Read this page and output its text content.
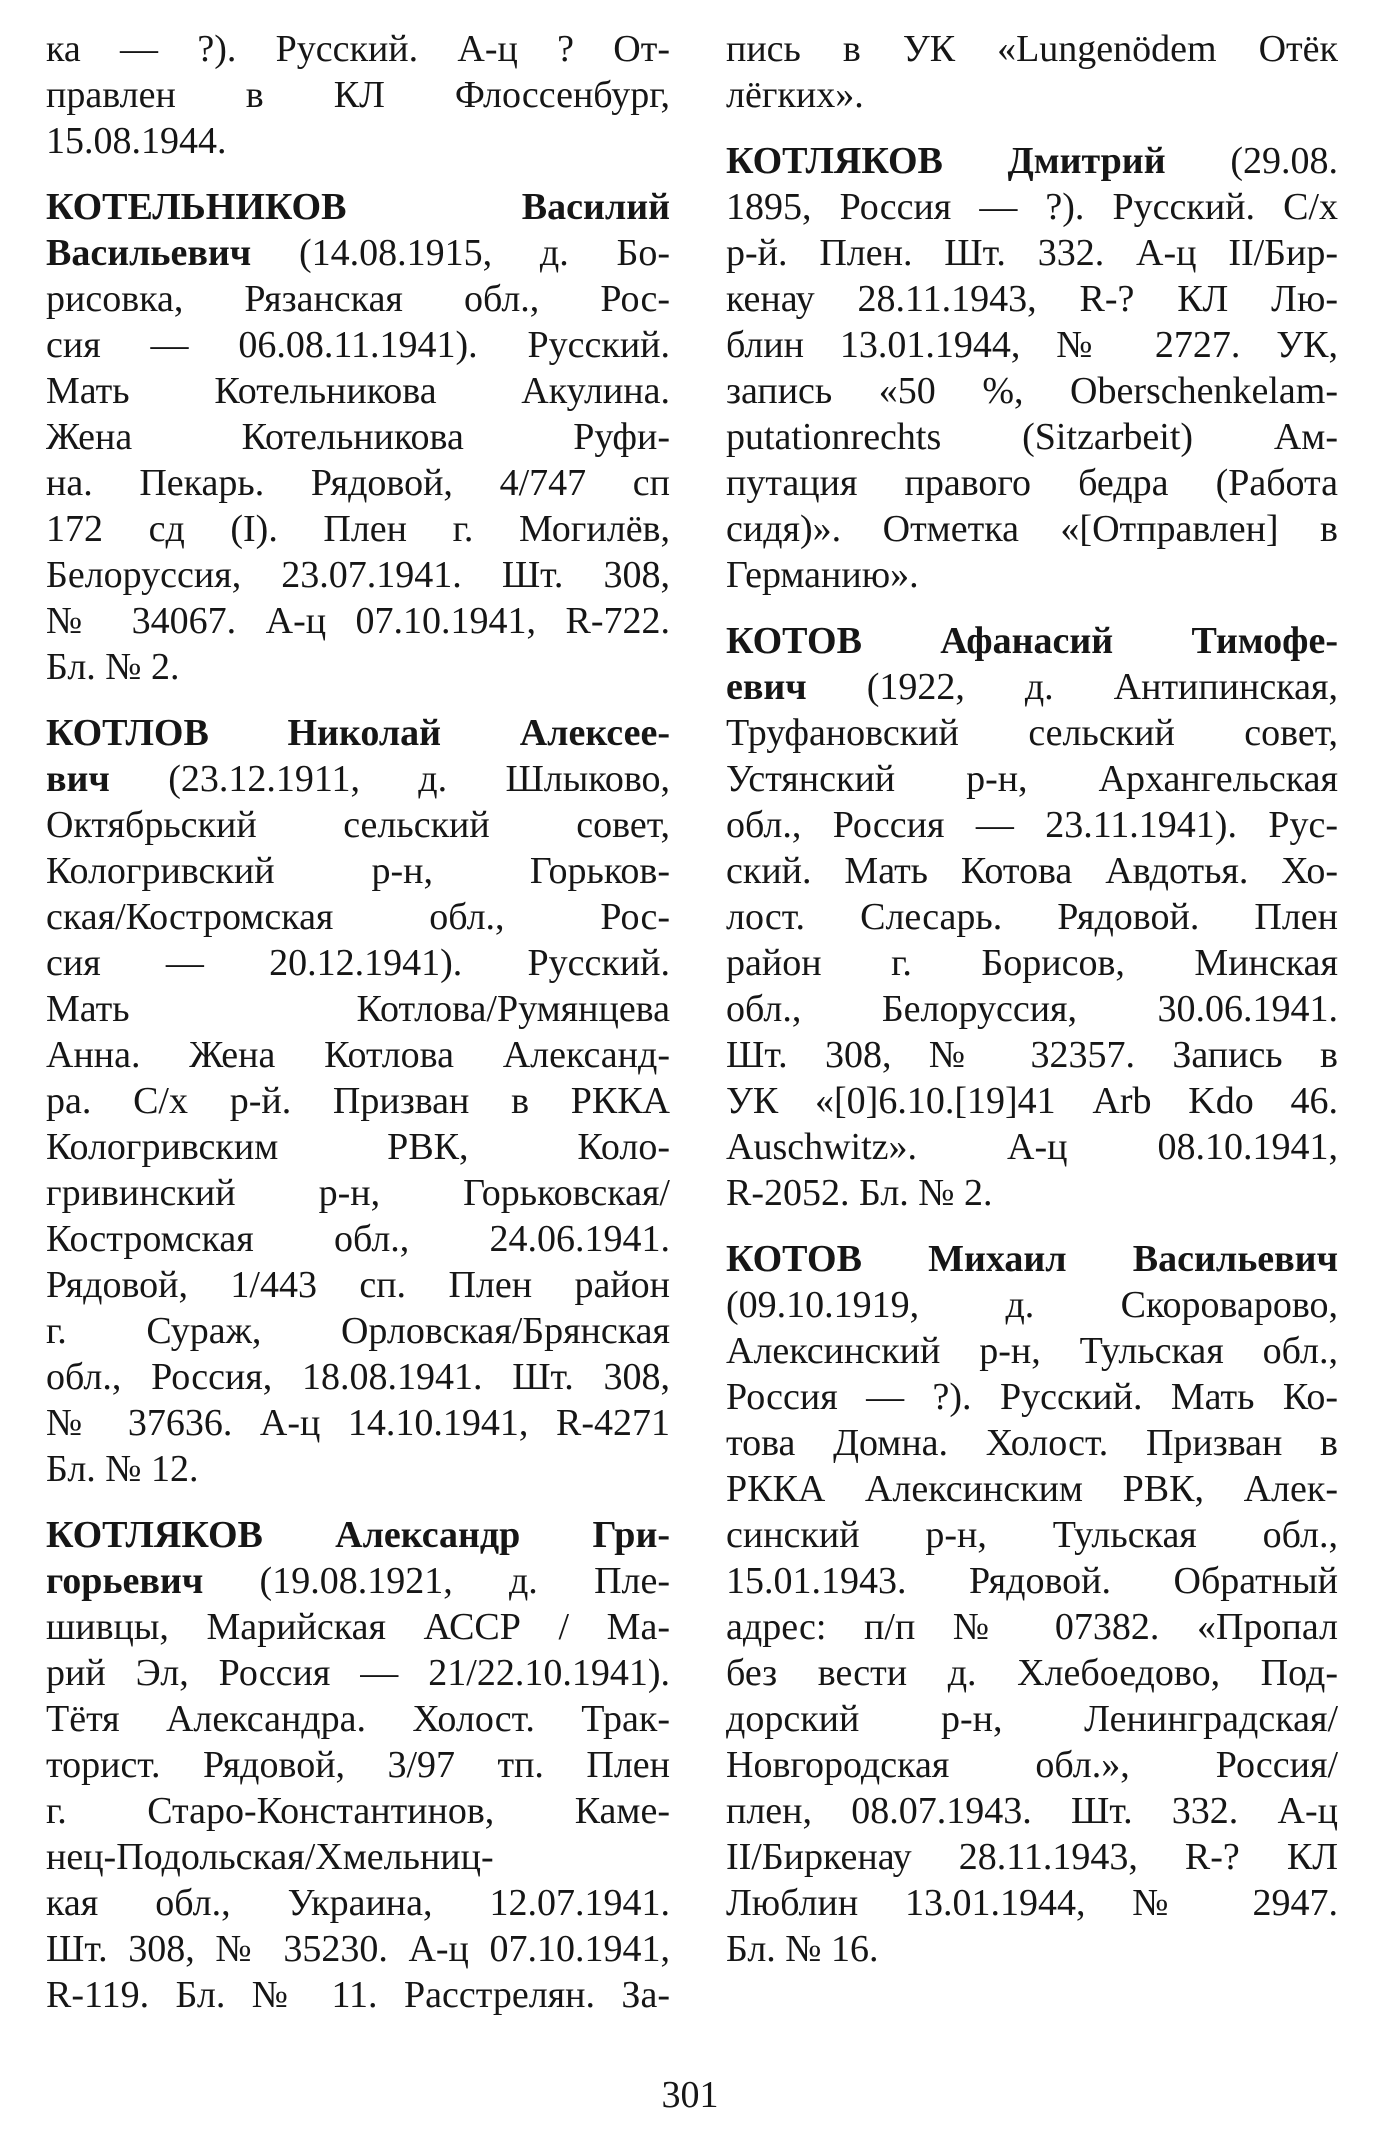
ка — ?). Русский. А-ц ? От-
правлен в КЛ Флоссенбург,
15.08.1944.
КОТЕЛЬНИКОВ Василий
Васильевич (14.08.1915, д. Бо-
рисовка, Рязанская обл., Рос-
сия — 06.08.11.1941). Русский.
Мать Котельникова Акулина.
Жена Котельникова Руфи-
на. Пекарь. Рядовой, 4/747 сп
172 сд (I). Плен г. Могилёв,
Белоруссия, 23.07.1941. Шт. 308,
№ 34067. А-ц 07.10.1941, R-722.
Бл. № 2.
КОТЛОВ Николай Алексее-
вич (23.12.1911, д. Шлыково,
Октябрьский сельский совет,
Кологривский р-н, Горьков-
ская/Костромская обл., Рос-
сия — 20.12.1941). Русский.
Мать Котлова/Румянцева
Анна. Жена Котлова Александ-
ра. С/х р-й. Призван в РККА
Кологривским РВК, Коло-
гривинский р-н, Горьковская/
Костромская обл., 24.06.1941.
Рядовой, 1/443 сп. Плен район
г. Сураж, Орловская/Брянская
обл., Россия, 18.08.1941. Шт. 308,
№ 37636. А-ц 14.10.1941, R-4271
Бл. № 12.
КОТЛЯКОВ Александр Гри-
горьевич (19.08.1921, д. Пле-
шивцы, Марийская АССР / Ма-
рий Эл, Россия — 21/22.10.1941).
Тётя Александра. Холост. Трак-
торист. Рядовой, 3/97 тп. Плен
г. Старо-Константинов, Каме-
нец-Подольская/Хмельниц-
кая обл., Украина, 12.07.1941.
Шт. 308, № 35230. А-ц 07.10.1941,
R-119. Бл. № 11. Расстрелян. За-
пись в УК «Lungenödem Отёк
лёгких».
КОТЛЯКОВ Дмитрий (29.08.
1895, Россия — ?). Русский. С/х
р-й. Плен. Шт. 332. А-ц II/Бир-
кенау 28.11.1943, R-? КЛ Лю-
блин 13.01.1944, № 2727. УК,
запись «50 %, Oberschenkelam-
putationrechts (Sitzarbeit) Ам-
путация правого бедра (Работа
сидя)». Отметка «[Отправлен] в
Германию».
КОТОВ Афанасий Тимофе-
евич (1922, д. Антипинская,
Труфановский сельский совет,
Устянский р-н, Архангельская
обл., Россия — 23.11.1941). Рус-
ский. Мать Котова Авдотья. Хо-
лост. Слесарь. Рядовой. Плен
район г. Борисов, Минская
обл., Белоруссия, 30.06.1941.
Шт. 308, № 32357. Запись в
УК «[0]6.10.[19]41 Arb Kdo 46.
Auschwitz». А-ц 08.10.1941,
R-2052. Бл. № 2.
КОТОВ Михаил Васильевич
(09.10.1919, д. Скороварово,
Алексинский р-н, Тульская обл.,
Россия — ?). Русский. Мать Ко-
това Домна. Холост. Призван в
РККА Алексинским РВК, Алек-
синский р-н, Тульская обл.,
15.01.1943. Рядовой. Обратный
адрес: п/п № 07382. «Пропал
без вести д. Хлебоедово, Под-
дорский р-н, Ленинградская/
Новгородская обл.», Россия/
плен, 08.07.1943. Шт. 332. А-ц
II/Биркенау 28.11.1943, R-? КЛ
Люблин 13.01.1944, № 2947.
Бл. № 16.
301
